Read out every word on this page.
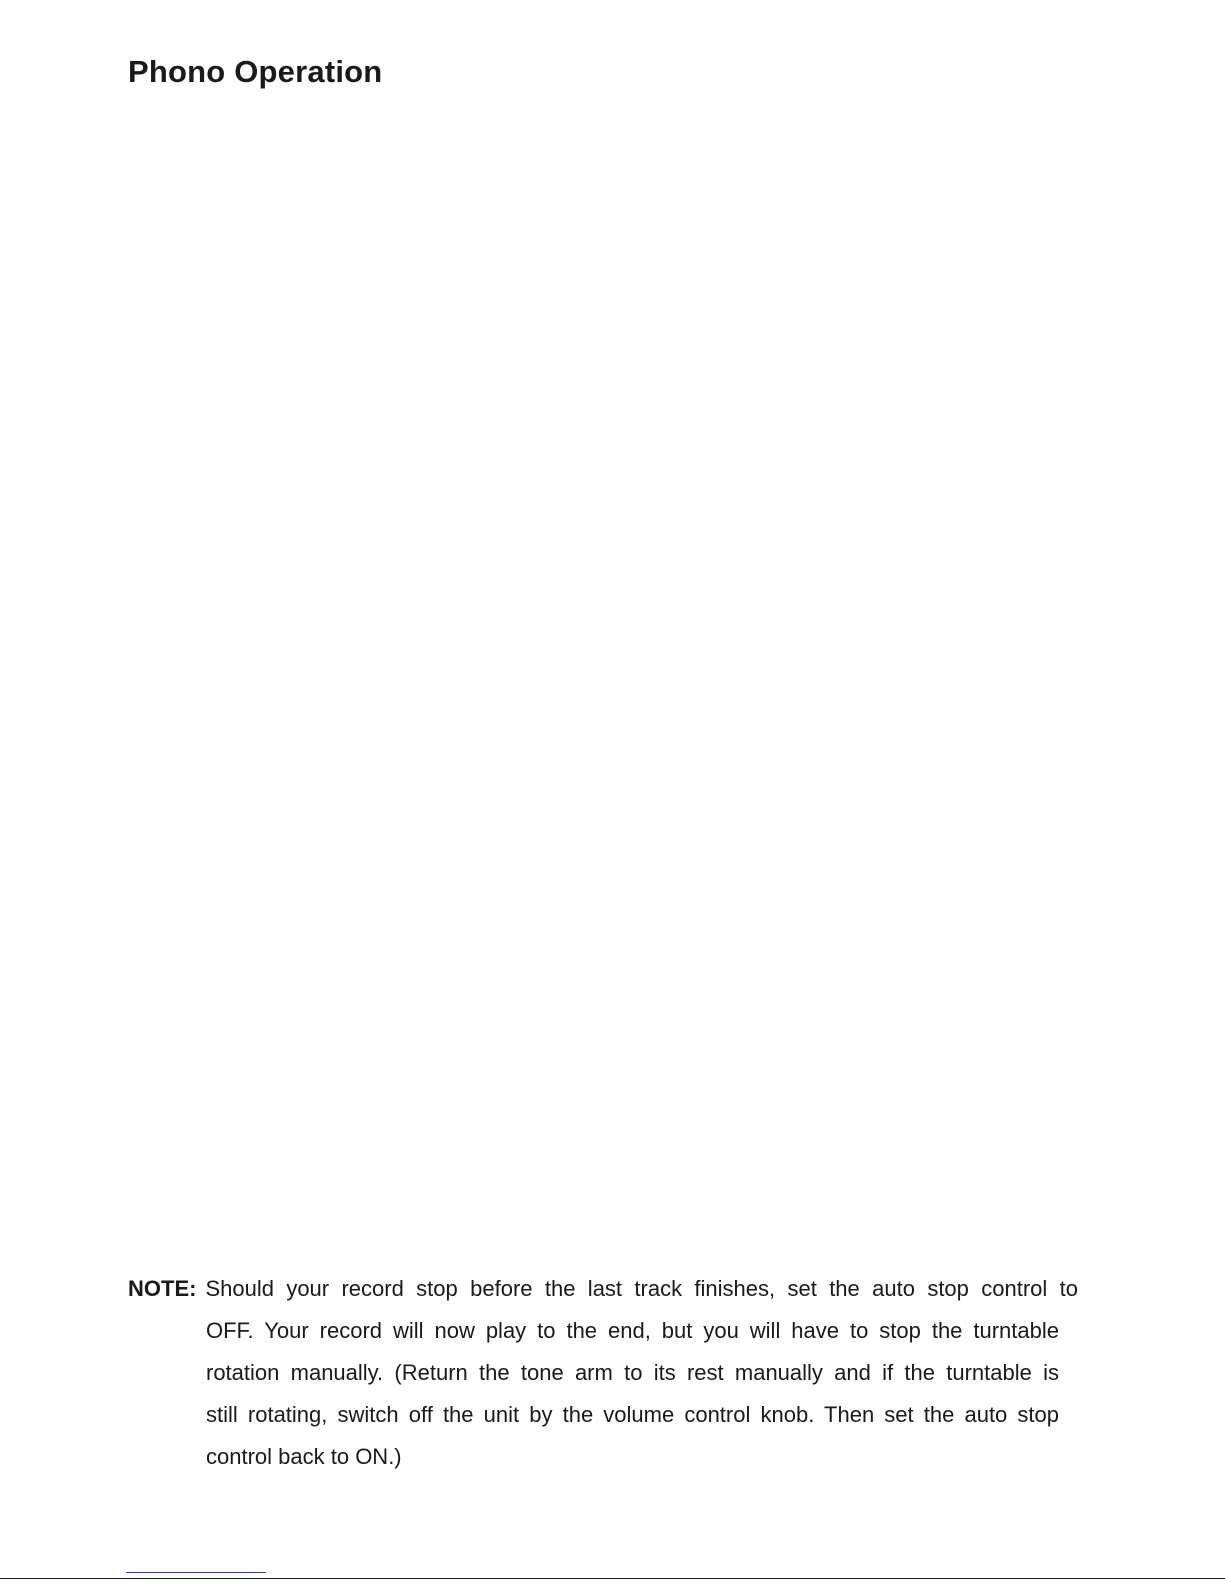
Phono Operation
NOTE: Should your record stop before the last track finishes, set the auto stop control to
OFF. Your record will now play to the end, but you will have to stop the turntable
rotation manually. (Return the tone arm to its rest manually and if the turntable is
still rotating, switch off the unit by the volume control knob. Then set the auto stop
control back to ON.)
